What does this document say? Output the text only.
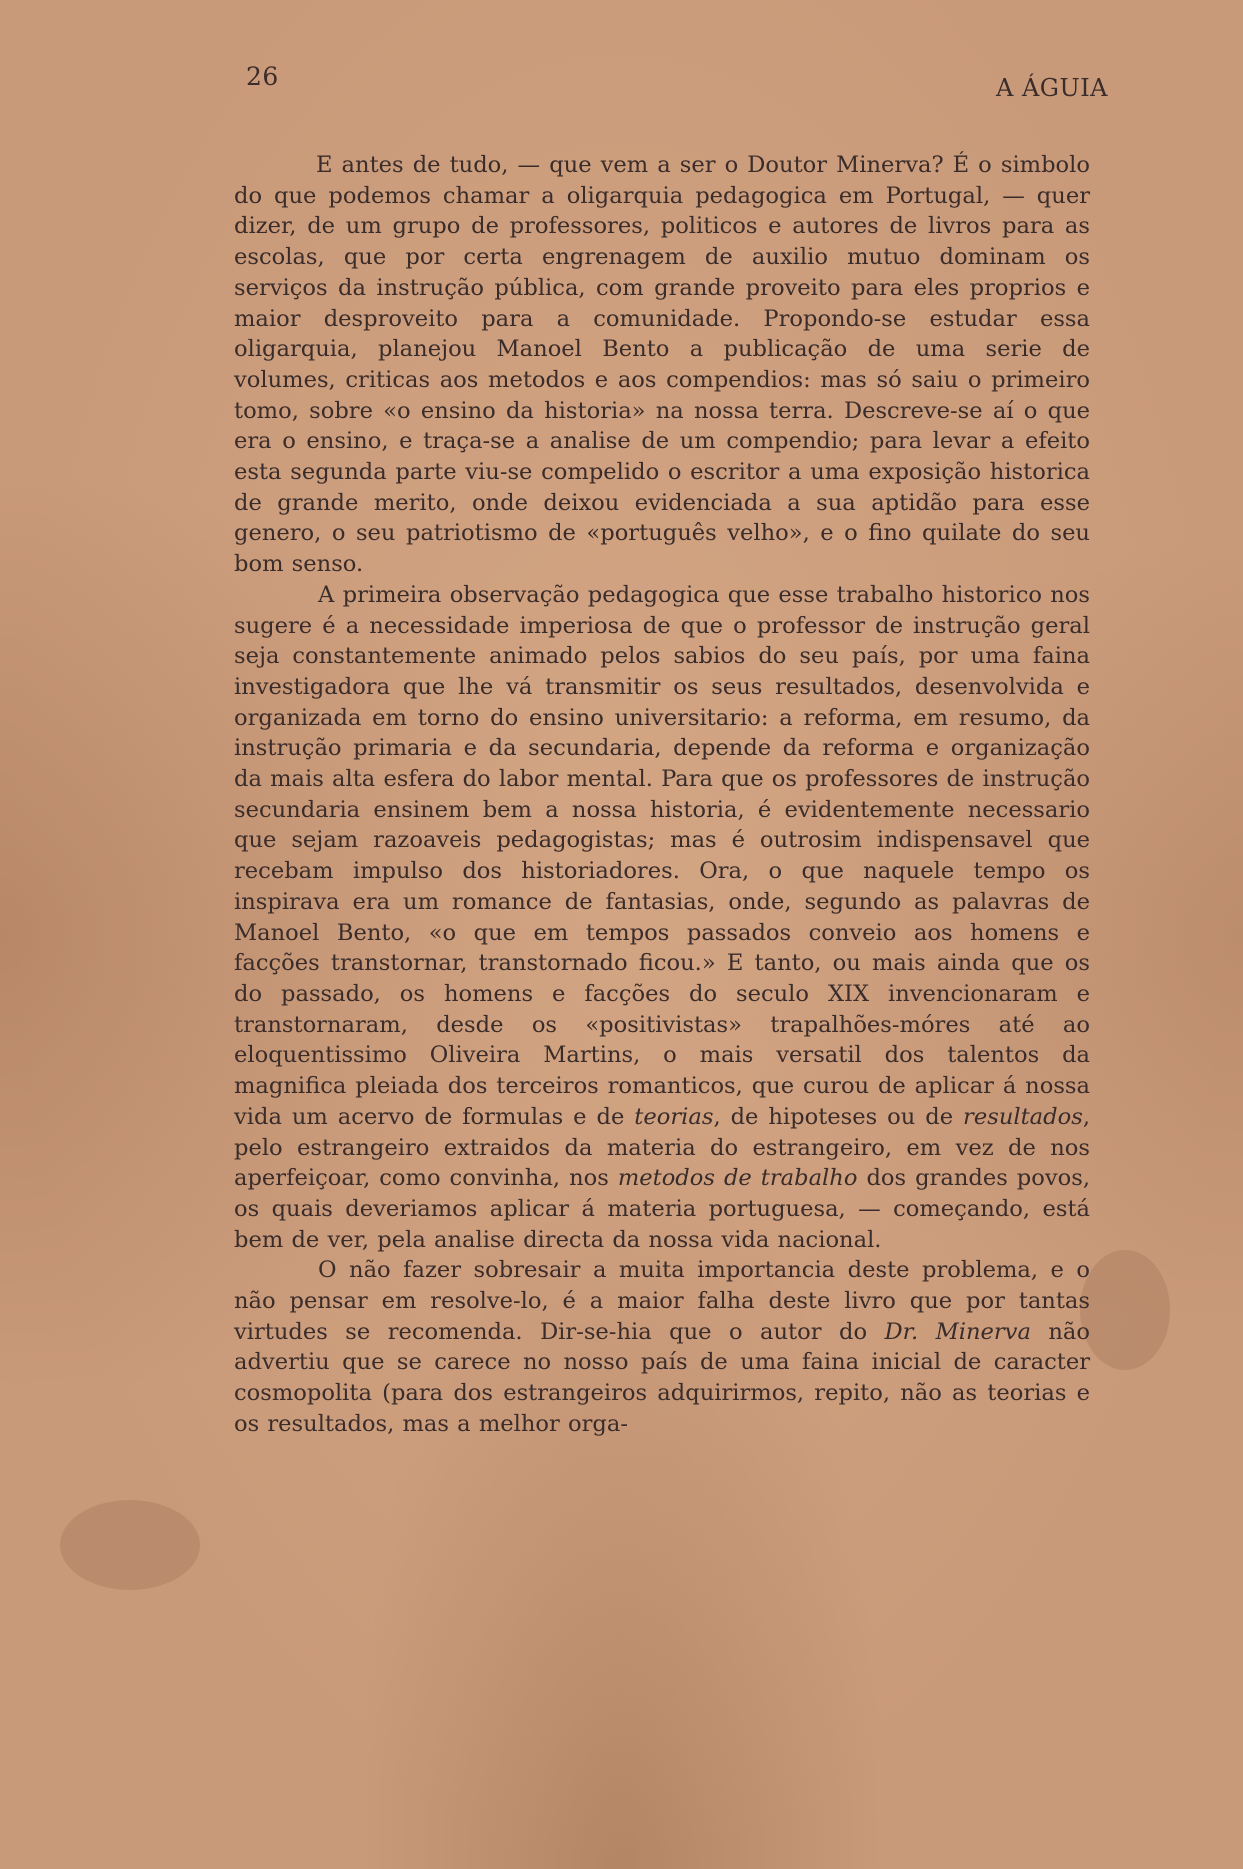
26	A ÁGUIA

E antes de tudo, — que vem a ser o Doutor Minerva? É o simbolo do que podemos chamar a oligarquia pedagogica em Portugal, — quer dizer, de um grupo de professores, politicos e autores de livros para as escolas, que por certa engrenagem de auxilio mutuo dominam os serviços da instrução pública, com grande proveito para eles proprios e maior desproveito para a comunidade. Propondo-se estudar essa oligarquia, planejou Manoel Bento a publicação de uma serie de volumes, criticas aos metodos e aos compendios: mas só saiu o primeiro tomo, sobre «o ensino da historia» na nossa terra. Descreve-se aí o que era o ensino, e traça-se a analise de um compendio; para levar a efeito esta segunda parte viu-se compelido o escritor a uma exposição historica de grande merito, onde deixou evidenciada a sua aptidão para esse genero, o seu patriotismo de «português velho», e o fino quilate do seu bom senso.

A primeira observação pedagogica que esse trabalho historico nos sugere é a necessidade imperiosa de que o professor de instrução geral seja constantemente animado pelos sabios do seu país, por uma faina investigadora que lhe vá transmitir os seus resultados, desenvolvida e organizada em torno do ensino universitario: a reforma, em resumo, da instrução primaria e da secundaria, depende da reforma e organização da mais alta esfera do labor mental. Para que os professores de instrução secundaria ensinem bem a nossa historia, é evidentemente necessario que sejam razoaveis pedagogistas; mas é outrosim indispensavel que recebam impulso dos historiadores. Ora, o que naquele tempo os inspirava era um romance de fantasias, onde, segundo as palavras de Manoel Bento, «o que em tempos passados conveio aos homens e facções transtornar, transtornado ficou.» E tanto, ou mais ainda que os do passado, os homens e facções do seculo XIX invencionaram e transtornaram, desde os «positivistas» trapalhões-móres até ao eloquentissimo Oliveira Martins, o mais versatil dos talentos da magnifica pleiada dos terceiros romanticos, que curou de aplicar á nossa vida um acervo de formulas e de teorias, de hipoteses ou de resultados, pelo estrangeiro extraidos da materia do estrangeiro, em vez de nos aperfeiçoar, como convinha, nos metodos de trabalho dos grandes povos, os quais deveriamos aplicar á materia portuguesa, — começando, está bem de ver, pela analise directa da nossa vida nacional.

O não fazer sobresair a muita importancia deste problema, e o não pensar em resolve-lo, é a maior falha deste livro que por tantas virtudes se recomenda. Dir-se-hia que o autor do Dr. Minerva não advertiu que se carece no nosso país de uma faina inicial de caracter cosmopolita (para dos estrangeiros adquirirmos, repito, não as teorias e os resultados, mas a melhor orga-
